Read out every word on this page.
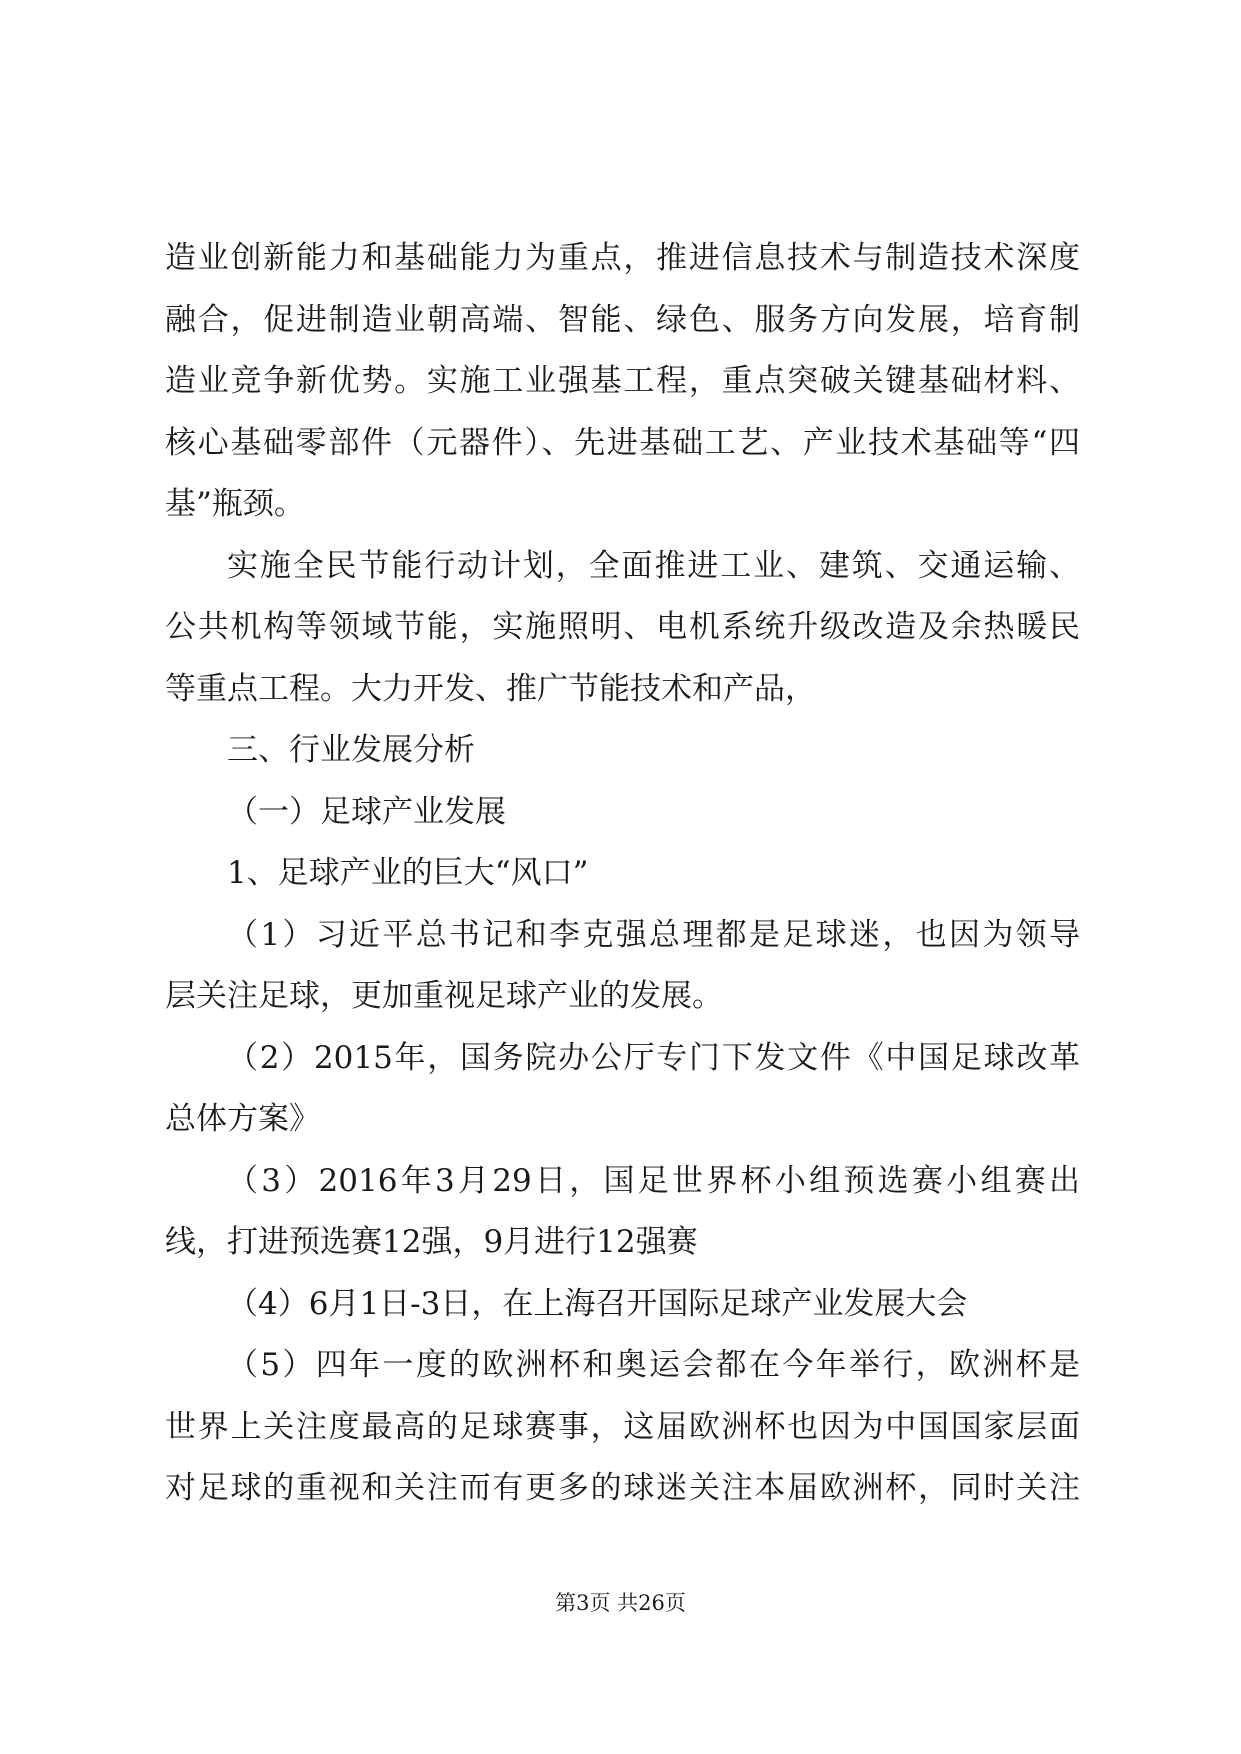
造业创新能力和基础能力为重点，推进信息技术与制造技术深度
融合，促进制造业朝高端、智能、绿色、服务方向发展，培育制
造业竞争新优势。实施工业强基工程，重点突破关键基础材料、
核心基础零部件（元器件）、先进基础工艺、产业技术基础等“四
基”瓶颈。
实施全民节能行动计划，全面推进工业、建筑、交通运输、
公共机构等领域节能，实施照明、电机系统升级改造及余热暖民
等重点工程。大力开发、推广节能技术和产品，
三、行业发展分析
（一）足球产业发展
1、足球产业的巨大“风口”
（1）习近平总书记和李克强总理都是足球迷，也因为领导
层关注足球，更加重视足球产业的发展。
（2）2015年，国务院办公厅专门下发文件《中国足球改革
总体方案》
（3）2016年3月29日，国足世界杯小组预选赛小组赛出
线，打进预选赛12强，9月进行12强赛
（4）6月1日-3日，在上海召开国际足球产业发展大会
（5）四年一度的欧洲杯和奥运会都在今年举行，欧洲杯是
世界上关注度最高的足球赛事，这届欧洲杯也因为中国国家层面
对足球的重视和关注而有更多的球迷关注本届欧洲杯，同时关注
第3页 共26页
